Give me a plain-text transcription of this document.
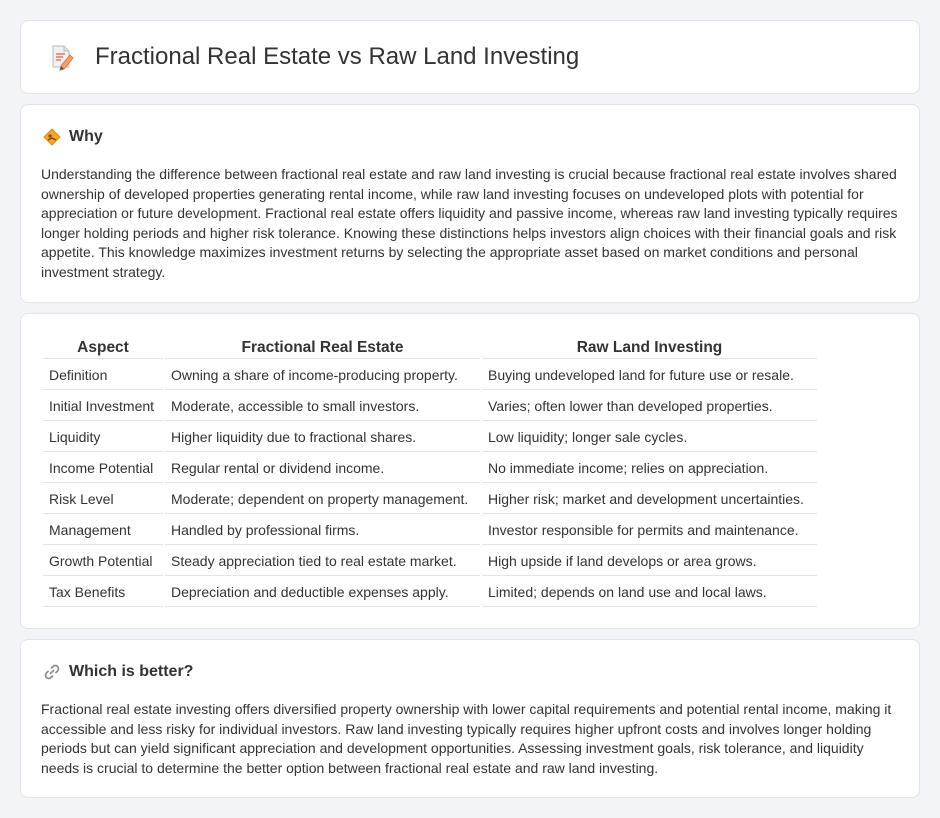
Fractional Real Estate vs Raw Land Investing
Why

Understanding the difference between fractional real estate and raw land investing is crucial because fractional real estate involves shared ownership of developed properties generating rental income, while raw land investing focuses on undeveloped plots with potential for appreciation or future development. Fractional real estate offers liquidity and passive income, whereas raw land investing typically requires longer holding periods and higher risk tolerance. Knowing these distinctions helps investors align choices with their financial goals and risk appetite. This knowledge maximizes investment returns by selecting the appropriate asset based on market conditions and personal investment strategy.

Aspect	Fractional Real Estate	Raw Land Investing
Definition	Owning a share of income-producing property.	Buying undeveloped land for future use or resale.
Initial Investment	Moderate, accessible to small investors.	Varies; often lower than developed properties.
Liquidity	Higher liquidity due to fractional shares.	Low liquidity; longer sale cycles.
Income Potential	Regular rental or dividend income.	No immediate income; relies on appreciation.
Risk Level	Moderate; dependent on property management.	Higher risk; market and development uncertainties.
Management	Handled by professional firms.	Investor responsible for permits and maintenance.
Growth Potential	Steady appreciation tied to real estate market.	High upside if land develops or area grows.
Tax Benefits	Depreciation and deductible expenses apply.	Limited; depends on land use and local laws.
Which is better?

Fractional real estate investing offers diversified property ownership with lower capital requirements and potential rental income, making it accessible and less risky for individual investors. Raw land investing typically requires higher upfront costs and involves longer holding periods but can yield significant appreciation and development opportunities. Assessing investment goals, risk tolerance, and liquidity needs is crucial to determine the better option between fractional real estate and raw land investing.
